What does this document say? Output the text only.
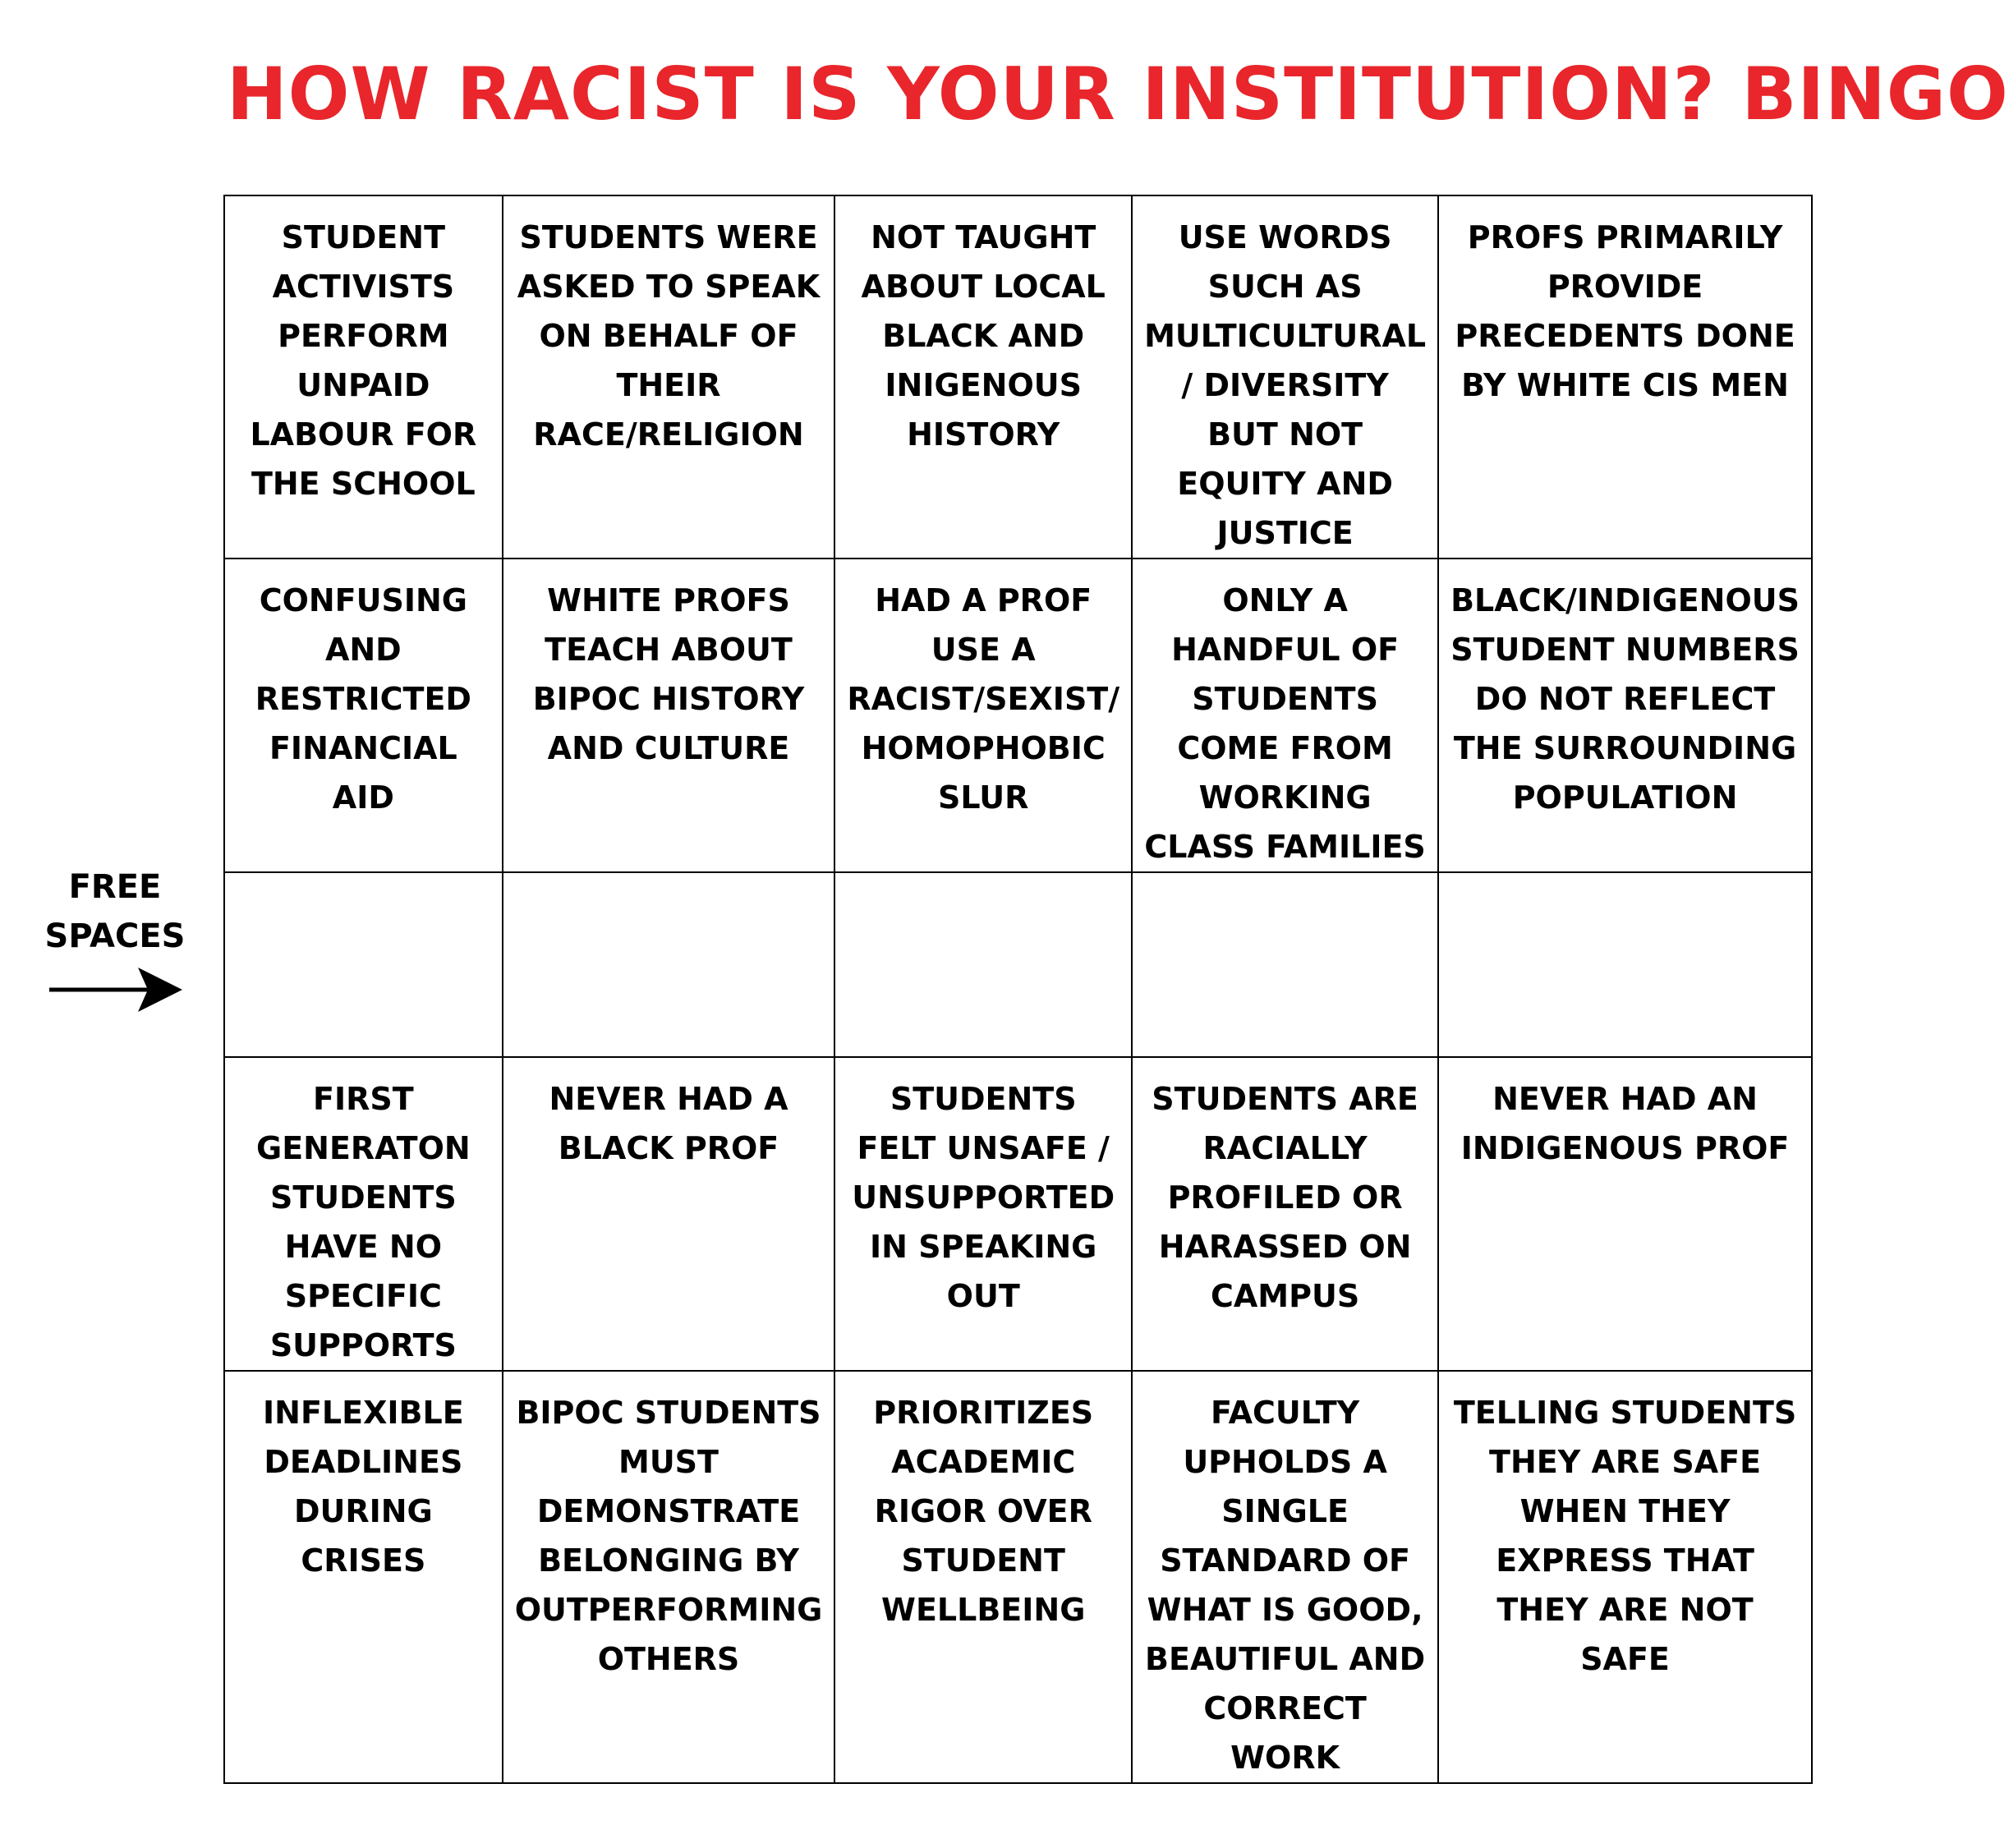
HOW RACIST IS YOUR INSTITUTION? BINGO
FREE
SPACES
STUDENT ACTIVISTS PERFORM UNPAID LABOUR FOR THE SCHOOL
STUDENTS WERE ASKED TO SPEAK ON BEHALF OF THEIR RACE/RELIGION
NOT TAUGHT ABOUT LOCAL BLACK AND INIGENOUS HISTORY
USE WORDS SUCH AS MULTICULTURAL / DIVERSITY BUT NOT EQUITY AND JUSTICE
PROFS PRIMARILY PROVIDE PRECEDENTS DONE BY WHITE CIS MEN
CONFUSING AND RESTRICTED FINANCIAL AID
WHITE PROFS TEACH ABOUT BIPOC HISTORY AND CULTURE
HAD A PROF USE A RACIST/SEXIST/ HOMOPHOBIC SLUR
ONLY A HANDFUL OF STUDENTS COME FROM WORKING CLASS FAMILIES
BLACK/INDIGENOUS STUDENT NUMBERS DO NOT REFLECT THE SURROUNDING POPULATION
FIRST GENERATON STUDENTS HAVE NO SPECIFIC SUPPORTS
NEVER HAD A BLACK PROF
STUDENTS FELT UNSAFE / UNSUPPORTED IN SPEAKING OUT
STUDENTS ARE RACIALLY PROFILED OR HARASSED ON CAMPUS
NEVER HAD AN INDIGENOUS PROF
INFLEXIBLE DEADLINES DURING CRISES
BIPOC STUDENTS MUST DEMONSTRATE BELONGING BY OUTPERFORMING OTHERS
PRIORITIZES ACADEMIC RIGOR OVER STUDENT WELLBEING
FACULTY UPHOLDS A SINGLE STANDARD OF WHAT IS GOOD, BEAUTIFUL AND CORRECT WORK
TELLING STUDENTS THEY ARE SAFE WHEN THEY EXPRESS THAT THEY ARE NOT SAFE
